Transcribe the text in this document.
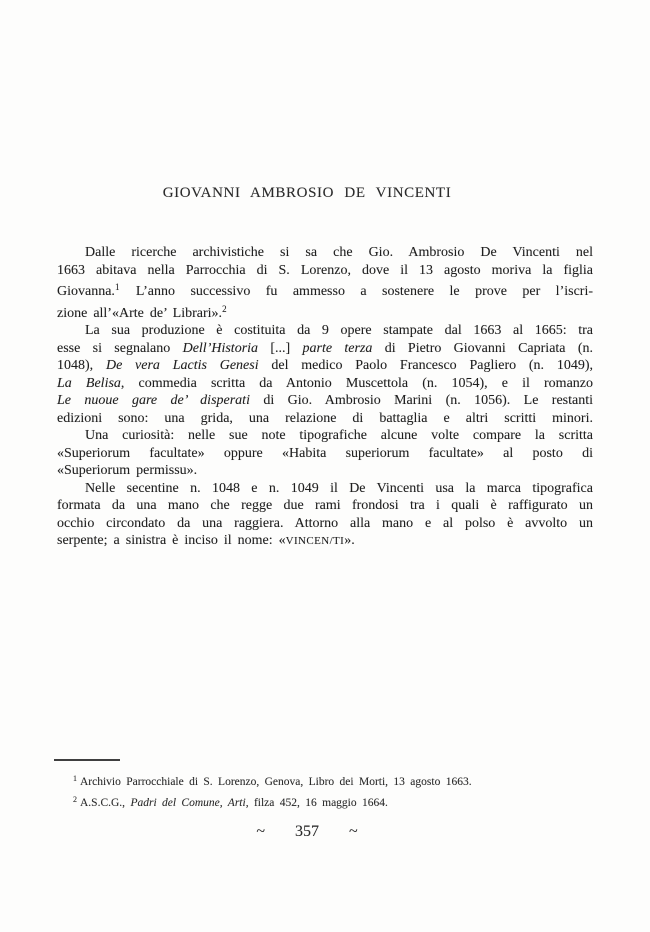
GIOVANNI AMBROSIO DE VINCENTI
Dalle ricerche archivistiche si sa che Gio. Ambrosio De Vincenti nel
1663 abitava nella Parrocchia di S. Lorenzo, dove il 13 agosto moriva la figlia
Giovanna.$^1$ L’anno successivo fu ammesso a sostenere le prove per l’iscri-
zione all’«Arte de’ Librari».$^2$
La sua produzione è costituita da 9 opere stampate dal 1663 al 1665: tra
esse si segnalano Dell’Historia [...] parte terza di Pietro Giovanni Capriata (n.
1048), De vera Lactis Genesi del medico Paolo Francesco Pagliero (n. 1049),
La Belisa, commedia scritta da Antonio Muscettola (n. 1054), e il romanzo
Le nuoue gare de’ disperati di Gio. Ambrosio Marini (n. 1056). Le restanti
edizioni sono: una grida, una relazione di battaglia e altri scritti minori.
Una curiosità: nelle sue note tipografiche alcune volte compare la scritta
«Superiorum facultate» oppure «Habita superiorum facultate» al posto di
«Superiorum permissu».
Nelle secentine n. 1048 e n. 1049 il De Vincenti usa la marca tipografica
formata da una mano che regge due rami frondosi tra i quali è raffigurato un
occhio circondato da una raggiera. Attorno alla mano e al polso è avvolto un
serpente; a sinistra è inciso il nome: «VINCEN/TI».
$^1$ Archivio Parrocchiale di S. Lorenzo, Genova, Libro dei Morti, 13 agosto 1663.
$^2$ A.S.C.G., Padri del Comune, Arti, filza 452, 16 maggio 1664.
~ 357 ~
